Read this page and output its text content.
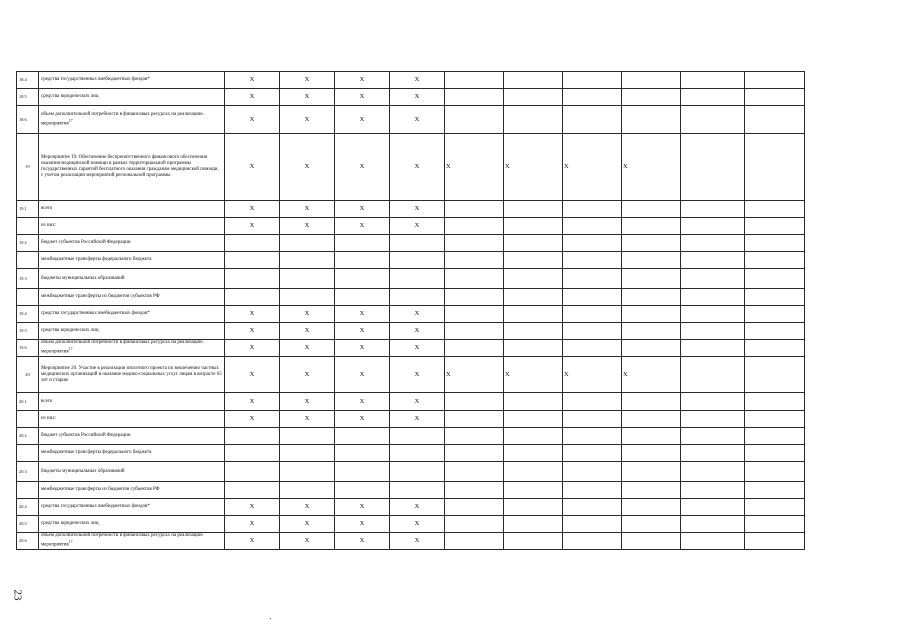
18.4	средства государственных внебюджетных фондов*	X	X	X	X						
18.5	средства юридических лиц	X	X	X	X						
18.6	объем дополнительной потребности в финансовых ресурсах на реализацию мероприятия$^{17}$	X	X	X	X						
19	Мероприятие 19. Обеспечение беспрепятственного финансового обеспечения оказания медицинской помощи в рамках территориальной программы государственных гарантий бесплатного оказания гражданам медицинской помощи, с учетом реализации мероприятий региональной программы	X	X	X	X	X	X	X	X		
19.1	всего	X	X	X	X						
	из них:	X	X	X	X						
19.2	бюджет субъектов Российской Федерации										
	межбюджетные трансферты федерального бюджета										
19.3	бюджеты муниципальных образований										
	межбюджетные трансферты из бюджетов субъектов РФ										
19.4	средства государственных внебюджетных фондов*	X	X	X	X						
19.5	средства юридических лиц	X	X	X	X						
19.6	объем дополнительной потребности в финансовых ресурсах на реализацию мероприятия$^{17}$	X	X	X	X						
20	Мероприятие 20. Участие в реализации пилотного проекта по вовлечению частных медицинских организаций в оказание медико-социальных услуг лицам в возрасте 65 лет и старше	X	X	X	X	X	X	X	X		
20.1	всего	X	X	X	X						
	из них:	X	X	X	X						
20.2	бюджет субъектов Российской Федерации										
	межбюджетные трансферты федерального бюджета										
20.3	бюджеты муниципальных образований										
	межбюджетные трансферты из бюджетов субъектов РФ										
20.4	средства государственных внебюджетных фондов*	X	X	X	X						
20.5	средства юридических лиц	X	X	X	X						
20.6	объем дополнительной потребности в финансовых ресурсах на реализацию мероприятия$^{17}$	X	X	X	X						
23
